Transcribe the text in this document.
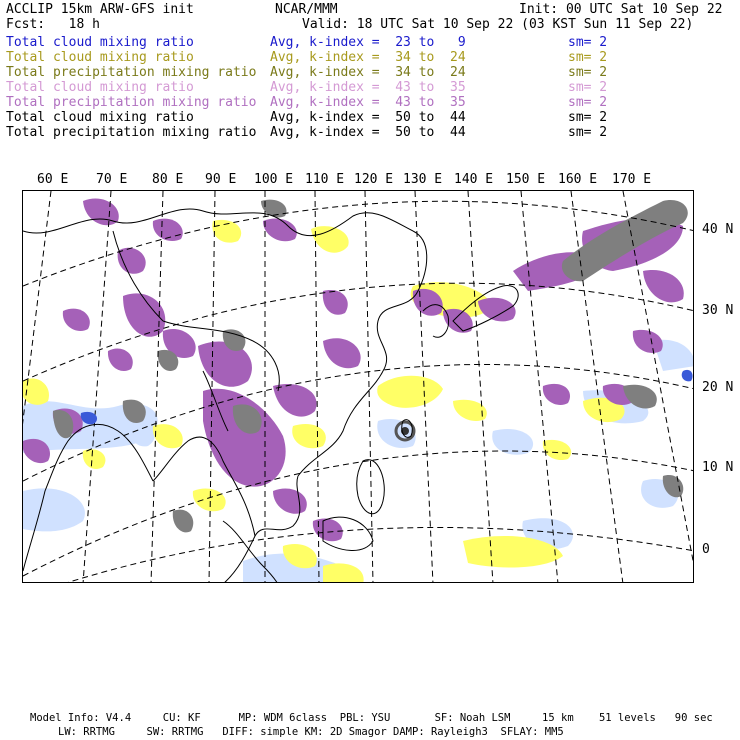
ACCLIP 15km ARW-GFS init	NCAR/MMM	Init: 00 UTC Sat 10 Sep 22
Fcst:   18 h	Valid: 18 UTC Sat 10 Sep 22 (03 KST Sun 11 Sep 22)
Total cloud mixing ratio	Avg, k-index =  23 to   9	sm= 2
Total cloud mixing ratio	Avg, k-index =  34 to  24	sm= 2
Total precipitation mixing ratio Avg, k-index =  34 to  24	sm= 2
Total cloud mixing ratio	Avg, k-index =  43 to  35	sm= 2
Total precipitation mixing ratio Avg, k-index =  43 to  35	sm= 2
Total cloud mixing ratio	Avg, k-index =  50 to  44	sm= 2
Total precipitation mixing ratio Avg, k-index =  50 to  44	sm= 2
60 E 70 E 80 E 90 E 100 E 110 E 120 E 130 E 140 E 150 E 160 E 170 E
40 N
30 N
20 N
10 N
0
Model Info: V4.4     CU: KF      MP: WDM 6class  PBL: YSU       SF: Noah LSM     15 km    51 levels   90 sec
LW: RRTMG     SW: RRTMG   DIFF: simple KM: 2D Smagor DAMP: Rayleigh3  SFLAY: MM5
